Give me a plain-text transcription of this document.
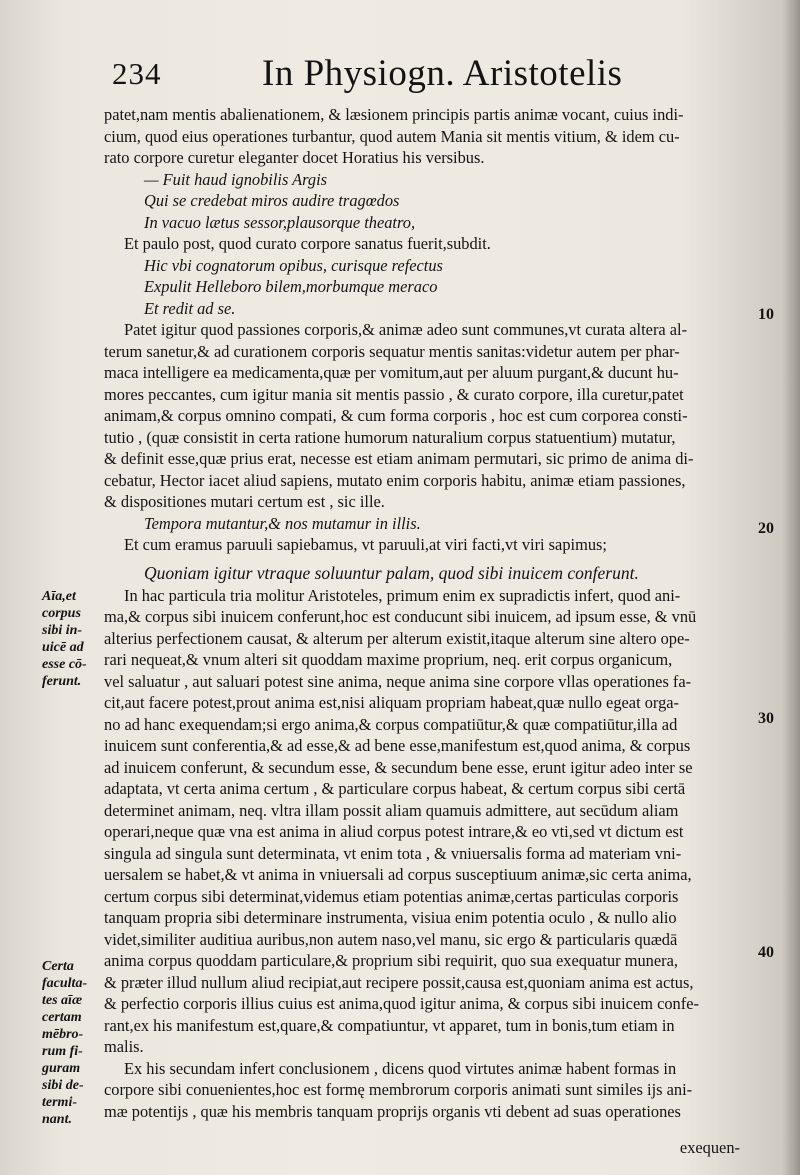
234	In Physiogn. Aristotelis
patet,nam mentis abalienationem, & læsionem principis partis animæ vocant, cuius indi-
cium, quod eius operationes turbantur, quod autem Mania sit mentis vitium, & idem cu-
rato corpore curetur eleganter docet Horatius his versibus.
— Fuit haud ignobilis Argis
Qui se credebat miros audire tragœdos
In vacuo lætus sessor,plausorque theatro,
Et paulo post, quod curato corpore sanatus fuerit,subdit.
Hic vbi cognatorum opibus, curisque refectus
Expulit Helleboro bilem,morbumque meraco
Et redit ad se.
Patet igitur quod passiones corporis,& animæ adeo sunt communes,vt curata altera al-
terum sanetur,& ad curationem corporis sequatur mentis sanitas:videtur autem per phar-
maca intelligere ea medicamenta,quæ per vomitum,aut per aluum purgant,& ducunt hu-
mores peccantes, cum igitur mania sit mentis passio , & curato corpore, illa curetur,patet
animam,& corpus omnino compati, & cum forma corporis , hoc est cum corporea consti-
tutio , (quæ consistit in certa ratione humorum naturalium corpus statuentium) mutatur,
& definit esse,quæ prius erat, necesse est etiam animam permutari, sic primo de anima di-
cebatur, Hector iacet aliud sapiens, mutato enim corporis habitu, animæ etiam passiones,
& dispositiones mutari certum est , sic ille.
Tempora mutantur,& nos mutamur in illis.
Et cum eramus paruuli sapiebamus, vt paruuli,at viri facti,vt viri sapimus;
Quoniam igitur vtraque soluuntur palam, quod sibi inuicem conferunt.
In hac particula tria molitur Aristoteles, primum enim ex supradictis infert, quod ani-
ma,& corpus sibi inuicem conferunt,hoc est conducunt sibi inuicem, ad ipsum esse, & vnū
alterius perfectionem causat, & alterum per alterum existit,itaque alterum sine altero ope-
rari nequeat,& vnum alteri sit quoddam maxime proprium, neq. erit corpus organicum,
vel saluatur , aut saluari potest sine anima, neque anima sine corpore vllas operationes fa-
cit,aut facere potest,prout anima est,nisi aliquam propriam habeat,quæ nullo egeat orga-
no ad hanc exequendam;si ergo anima,& corpus compatiūtur,& quæ compatiūtur,illa ad
inuicem sunt conferentia,& ad esse,& ad bene esse,manifestum est,quod anima, & corpus
ad inuicem conferunt, & secundum esse, & secundum bene esse, erunt igitur adeo inter se
adaptata, vt certa anima certum , & particulare corpus habeat, & certum corpus sibi certā
determinet animam, neq. vltra illam possit aliam quamuis admittere, aut secūdum aliam
operari,neque quæ vna est anima in aliud corpus potest intrare,& eo vti,sed vt dictum est
singula ad singula sunt determinata, vt enim tota , & vniuersalis forma ad materiam vni-
uersalem se habet,& vt anima in vniuersali ad corpus susceptiuum animæ,sic certa anima,
certum corpus sibi determinat,videmus etiam potentias animæ,certas particulas corporis
tanquam propria sibi determinare instrumenta, visiua enim potentia oculo , & nullo alio
videt,similiter auditiua auribus,non autem naso,vel manu, sic ergo & particularis quædā
anima corpus quoddam particulare,& proprium sibi requirit, quo sua exequatur munera,
& præter illud nullum aliud recipiat,aut recipere possit,causa est,quoniam anima est actus,
& perfectio corporis illius cuius est anima,quod igitur anima, & corpus sibi inuicem confe-
rant,ex his manifestum est,quare,& compatiuntur, vt apparet, tum in bonis,tum etiam in
malis.
Ex his secundam infert conclusionem , dicens quod virtutes animæ habent formas in
corpore sibi conuenientes,hoc est formę membrorum corporis animati sunt similes ijs ani-
mæ potentijs , quæ his membris tanquam proprijs organis vti debent ad suas operationes
Aīa,et
corpus
sibi in-
uicē ad
esse cō-
ferunt.
Certa
faculta-
tes aīæ
certam
mēbro-
rum fi-
guram
sibi de-
termi-
nant.
10
20
30
40
exequen-
